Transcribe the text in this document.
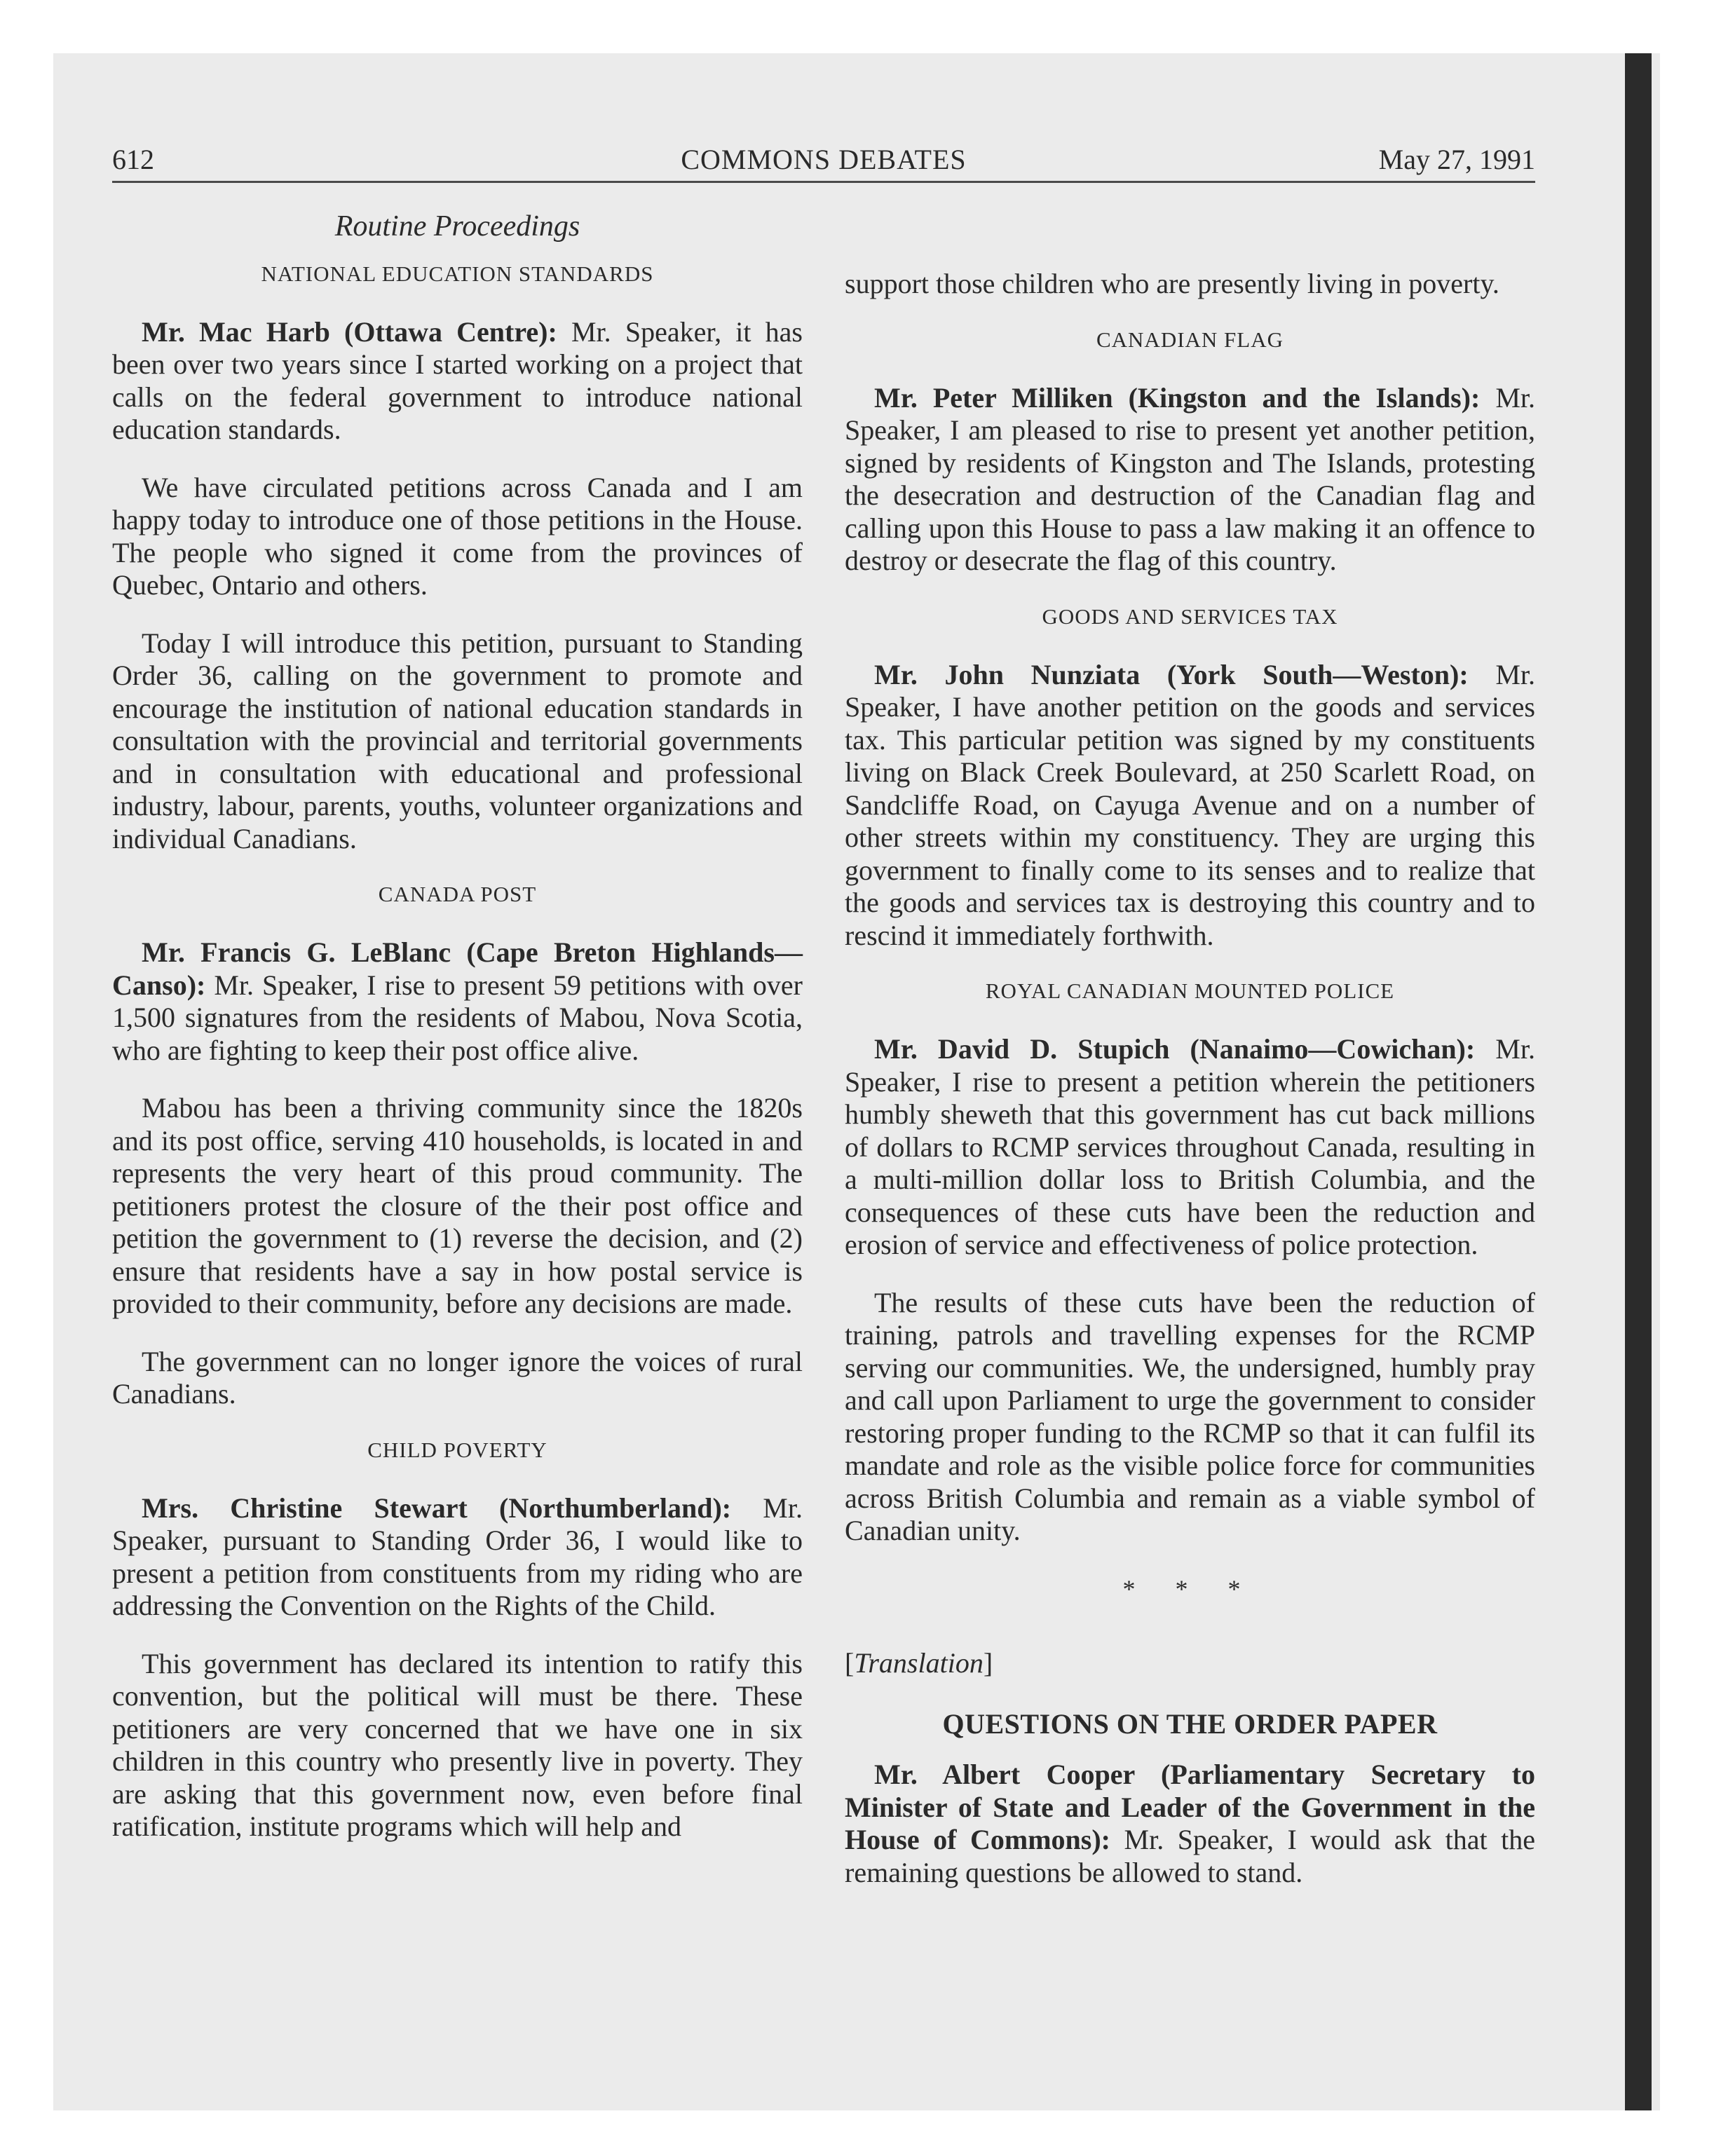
612	COMMONS DEBATES	May 27, 1991
Routine Proceedings
NATIONAL EDUCATION STANDARDS

Mr. Mac Harb (Ottawa Centre): Mr. Speaker, it has been over two years since I started working on a project that calls on the federal government to introduce national education standards.

We have circulated petitions across Canada and I am happy today to introduce one of those petitions in the House. The people who signed it come from the provinces of Quebec, Ontario and others.

Today I will introduce this petition, pursuant to Standing Order 36, calling on the government to promote and encourage the institution of national education standards in consultation with the provincial and territorial governments and in consultation with educational and professional industry, labour, parents, youths, volunteer organizations and individual Canadians.

CANADA POST

Mr. Francis G. LeBlanc (Cape Breton Highlands—Canso): Mr. Speaker, I rise to present 59 petitions with over 1,500 signatures from the residents of Mabou, Nova Scotia, who are fighting to keep their post office alive.

Mabou has been a thriving community since the 1820s and its post office, serving 410 households, is located in and represents the very heart of this proud community. The petitioners protest the closure of the their post office and petition the government to (1) reverse the decision, and (2) ensure that residents have a say in how postal service is provided to their community, before any decisions are made.

The government can no longer ignore the voices of rural Canadians.

CHILD POVERTY

Mrs. Christine Stewart (Northumberland): Mr. Speaker, pursuant to Standing Order 36, I would like to present a petition from constituents from my riding who are addressing the Convention on the Rights of the Child.

This government has declared its intention to ratify this convention, but the political will must be there. These petitioners are very concerned that we have one in six children in this country who presently live in poverty. They are asking that this government now, even before final ratification, institute programs which will help and

support those children who are presently living in poverty.

CANADIAN FLAG

Mr. Peter Milliken (Kingston and the Islands): Mr. Speaker, I am pleased to rise to present yet another petition, signed by residents of Kingston and The Islands, protesting the desecration and destruction of the Canadian flag and calling upon this House to pass a law making it an offence to destroy or desecrate the flag of this country.

GOODS AND SERVICES TAX

Mr. John Nunziata (York South—Weston): Mr. Speaker, I have another petition on the goods and services tax. This particular petition was signed by my constituents living on Black Creek Boulevard, at 250 Scarlett Road, on Sandcliffe Road, on Cayuga Avenue and on a number of other streets within my constituency. They are urging this government to finally come to its senses and to realize that the goods and services tax is destroying this country and to rescind it immediately forthwith.

ROYAL CANADIAN MOUNTED POLICE

Mr. David D. Stupich (Nanaimo—Cowichan): Mr. Speaker, I rise to present a petition wherein the petitioners humbly sheweth that this government has cut back millions of dollars to RCMP services throughout Canada, resulting in a multi-million dollar loss to British Columbia, and the consequences of these cuts have been the reduction and erosion of service and effectiveness of police protection.

The results of these cuts have been the reduction of training, patrols and travelling expenses for the RCMP serving our communities. We, the undersigned, humbly pray and call upon Parliament to urge the government to consider restoring proper funding to the RCMP so that it can fulfil its mandate and role as the visible police force for communities across British Columbia and remain as a viable symbol of Canadian unity.

* * *
[Translation]
QUESTIONS ON THE ORDER PAPER

Mr. Albert Cooper (Parliamentary Secretary to Minister of State and Leader of the Government in the House of Commons): Mr. Speaker, I would ask that the remaining questions be allowed to stand.
